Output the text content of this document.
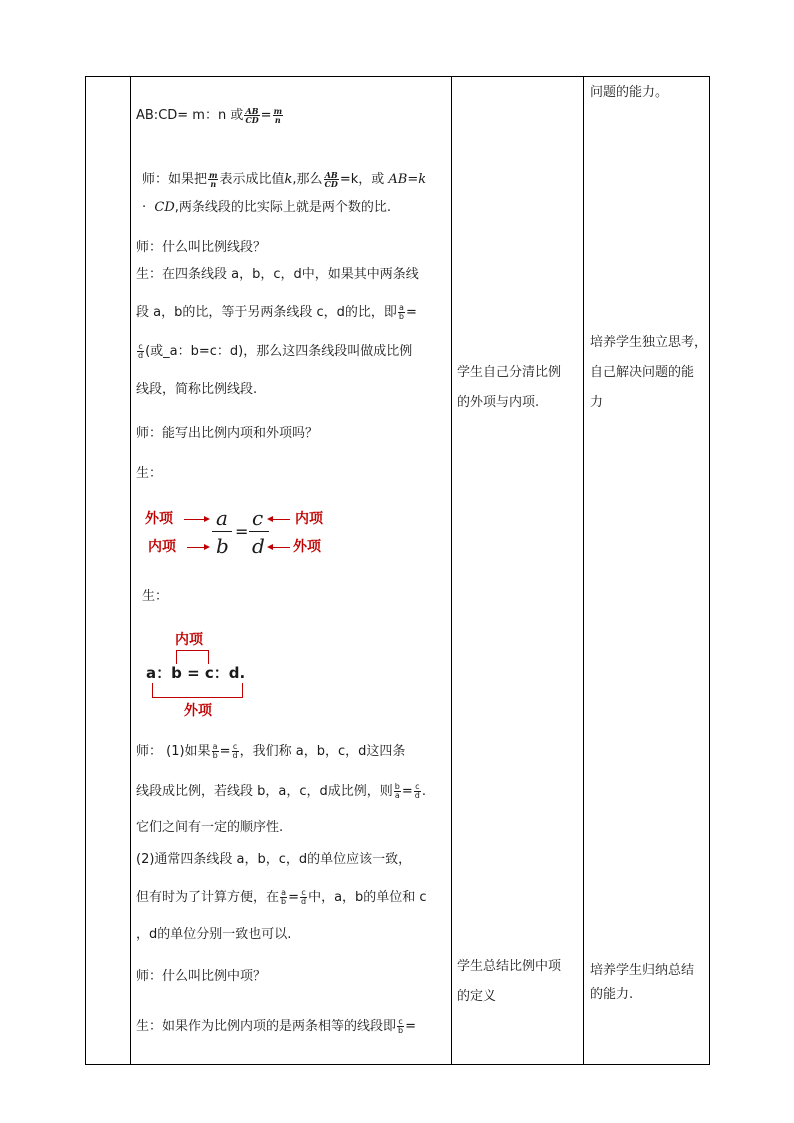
AB:CD= m：n 或 $\frac{AB}{CD} = \frac{m}{n}$
师：如果把 $\frac{m}{n}$ 表示成比值k,那么 $\frac{AB}{CD} =k$，或 AB=k
· CD,两条线段的比实际上就是两个数的比.
师：什么叫比例线段？
生：在四条线段 a，b，c，d中，如果其中两条线
段 a，b的比，等于另两条线段 c，d的比，即 $\frac{a}{b}$ =
$\frac{c}{d}$ (或_a：b=c：d)，那么这四条线段叫做成比例
线段，简称比例线段.
师：能写出比例内项和外项吗？
生：
外项
内项
a
b
=
c
d
内项
外项
生：
内项
a：b = c：d.
外项
师： (1)如果 $\frac{a}{b} = \frac{c}{d}$ ，我们称 a，b，c，d这四条
线段成比例，若线段 b，a，c，d成比例，则 $\frac{b}{a} = \frac{c}{d}$ .
它们之间有一定的顺序性.
(2)通常四条线段 a，b，c，d的单位应该一致，
但有时为了计算方便，在 $\frac{a}{b} = \frac{c}{d}$ 中，a，b的单位和 c
，d的单位分别一致也可以.
师：什么叫比例中项？
生：如果作为比例内项的是两条相等的线段即 $\frac{c}{b}$ =
学生自己分清比例
的外项与内项.
学生总结比例中项
的定义
问题的能力。
培养学生独立思考，
自己解决问题的能
力
培养学生归纳总结
的能力.
